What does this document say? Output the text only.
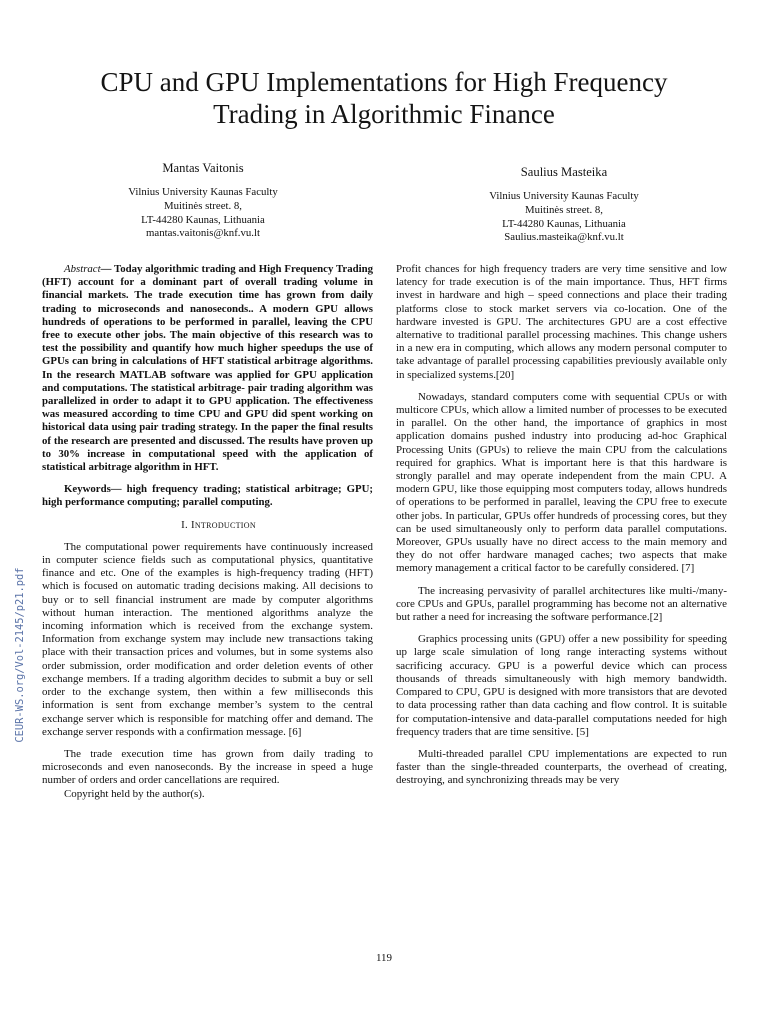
CPU and GPU Implementations for High Frequency
Trading in Algorithmic Finance
Mantas Vaitonis
Vilnius University Kaunas Faculty
Muitinės street. 8,
LT-44280 Kaunas, Lithuania
mantas.vaitonis@knf.vu.lt
Saulius Masteika
Vilnius University Kaunas Faculty
Muitinės street. 8,
LT-44280 Kaunas, Lithuania
Saulius.masteika@knf.vu.lt

Abstract— Today algorithmic trading and High Frequency Trading (HFT) account for a dominant part of overall trading volume in financial markets. The trade execution time has grown from daily trading to microseconds and nanoseconds.. A modern GPU allows hundreds of operations to be performed in parallel, leaving the CPU free to execute other jobs. The main objective of this research was to test the possibility and quantify how much higher speedups the use of GPUs can bring in calculations of HFT statistical arbitrage algorithms. In the research MATLAB software was applied for GPU application and computations. The statistical arbitrage- pair trading algorithm was parallelized in order to adapt it to GPU application. The effectiveness was measured according to time CPU and GPU did spent working on historical data using pair trading strategy. In the paper the final results of the research are presented and discussed. The results have proven up to 30% increase in computational speed with the application of statistical arbitrage algorithm in HFT.

Keywords— high frequency trading; statistical arbitrage; GPU; high performance computing; parallel computing.

I. Introduction

The computational power requirements have continuously increased in computer science fields such as computational physics, quantitative finance and etc. One of the examples is high-frequency trading (HFT) which is focused on automatic trading decisions making. All decisions to buy or to sell financial instrument are made by computer algorithms without human interaction. The mentioned algorithms analyze the incoming information which is received from the exchange system. Information from exchange system may include new transactions taking place with their transaction prices and volumes, but in some systems also order submission, order modification and order deletion events of other exchange members. If a trading algorithm decides to submit a buy or sell order to the exchange system, then within a few milliseconds this information is sent from exchange member’s system to the central exchange server which is responsible for matching offer and demand. The exchange server responds with a confirmation message. [6]

The trade execution time has grown from daily trading to microseconds and even nanoseconds. By the increase in speed a huge number of orders and order cancellations are required.

Copyright held by the author(s).

Profit chances for high frequency traders are very time sensitive and low latency for trade execution is of the main importance. Thus, HFT firms invest in hardware and high – speed connections and place their trading platforms close to stock market servers via co-location. One of the hardware invested is GPU. The architectures GPU are a cost effective alternative to traditional parallel processing machines. This change ushers in a new era in computing, which allows any modern personal computer to take advantage of parallel processing capabilities previously available only in specialized systems.[20]

Nowadays, standard computers come with sequential CPUs or with multicore CPUs, which allow a limited number of processes to be executed in parallel. On the other hand, the importance of graphics in most application domains pushed industry into producing ad-hoc Graphical Processing Units (GPUs) to relieve the main CPU from the calculations required for graphics. What is important here is that this hardware is strongly parallel and may operate independent from the main CPU. A modern GPU, like those equipping most computers today, allows hundreds of operations to be performed in parallel, leaving the CPU free to execute other jobs. In particular, GPUs offer hundreds of processing cores, but they can be used simultaneously only to perform data parallel computations. Moreover, GPUs usually have no direct access to the main memory and they do not offer hardware managed caches; two aspects that make memory management a critical factor to be carefully considered. [7]

The increasing pervasivity of parallel architectures like multi-/many-core CPUs and GPUs, parallel programming has become not an alternative but rather a need for increasing the software performance.[2]

Graphics processing units (GPU) offer a new possibility for speeding up large scale simulation of long range interacting systems without sacrificing accuracy. GPU is a powerful device which can process thousands of threads simultaneously with high memory bandwidth. Compared to CPU, GPU is designed with more transistors that are devoted to data processing rather than data caching and flow control. It is suitable for computation-intensive and data-parallel computations needed for high frequency traders that are time sensitive. [5]

Multi-threaded parallel CPU implementations are expected to run faster than the single-threaded counterparts, the overhead of creating, destroying, and synchronizing threads may be very

CEUR-WS.org/Vol-2145/p21.pdf
119
